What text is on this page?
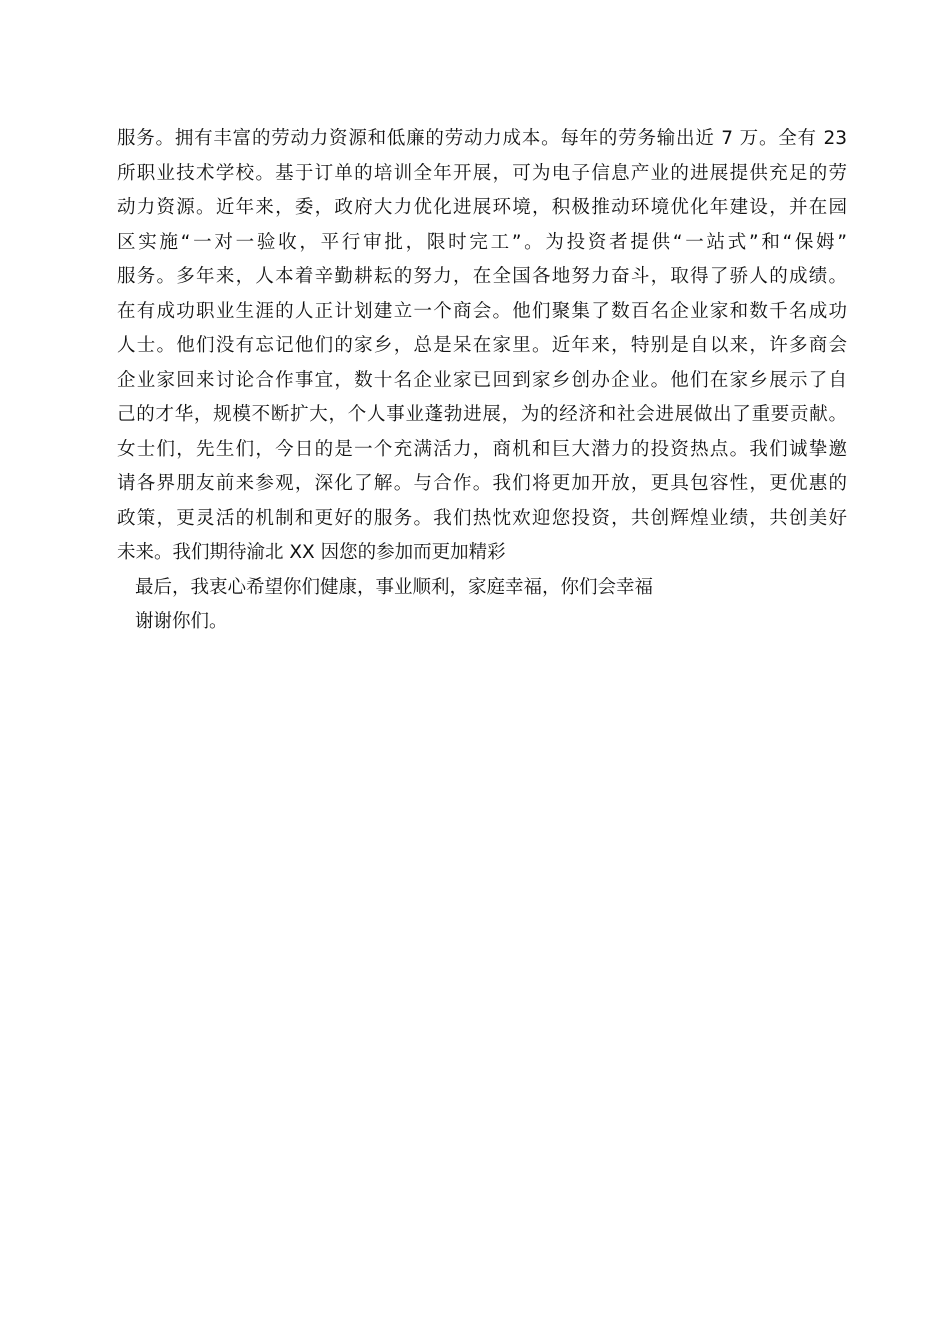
服务。拥有丰富的劳动力资源和低廉的劳动力成本。每年的劳务输出近 7 万。全有 23
所职业技术学校。基于订单的培训全年开展，可为电子信息产业的进展提供充足的劳
动力资源。近年来，委，政府大力优化进展环境，积极推动环境优化年建设，并在园
区实施“一对一验收，平行审批，限时完工”。为投资者提供“一站式”和“保姆”
服务。多年来，人本着辛勤耕耘的努力，在全国各地努力奋斗，取得了骄人的成绩。
在有成功职业生涯的人正计划建立一个商会。他们聚集了数百名企业家和数千名成功
人士。他们没有忘记他们的家乡，总是呆在家里。近年来，特别是自以来，许多商会
企业家回来讨论合作事宜，数十名企业家已回到家乡创办企业。他们在家乡展示了自
己的才华，规模不断扩大，个人事业蓬勃进展，为的经济和社会进展做出了重要贡献。
女士们，先生们，今日的是一个充满活力，商机和巨大潜力的投资热点。我们诚挚邀
请各界朋友前来参观，深化了解。与合作。我们将更加开放，更具包容性，更优惠的
政策，更灵活的机制和更好的服务。我们热忱欢迎您投资，共创辉煌业绩，共创美好
未来。我们期待渝北 XX 因您的参加而更加精彩
最后，我衷心希望你们健康，事业顺利，家庭幸福，你们会幸福
谢谢你们。
